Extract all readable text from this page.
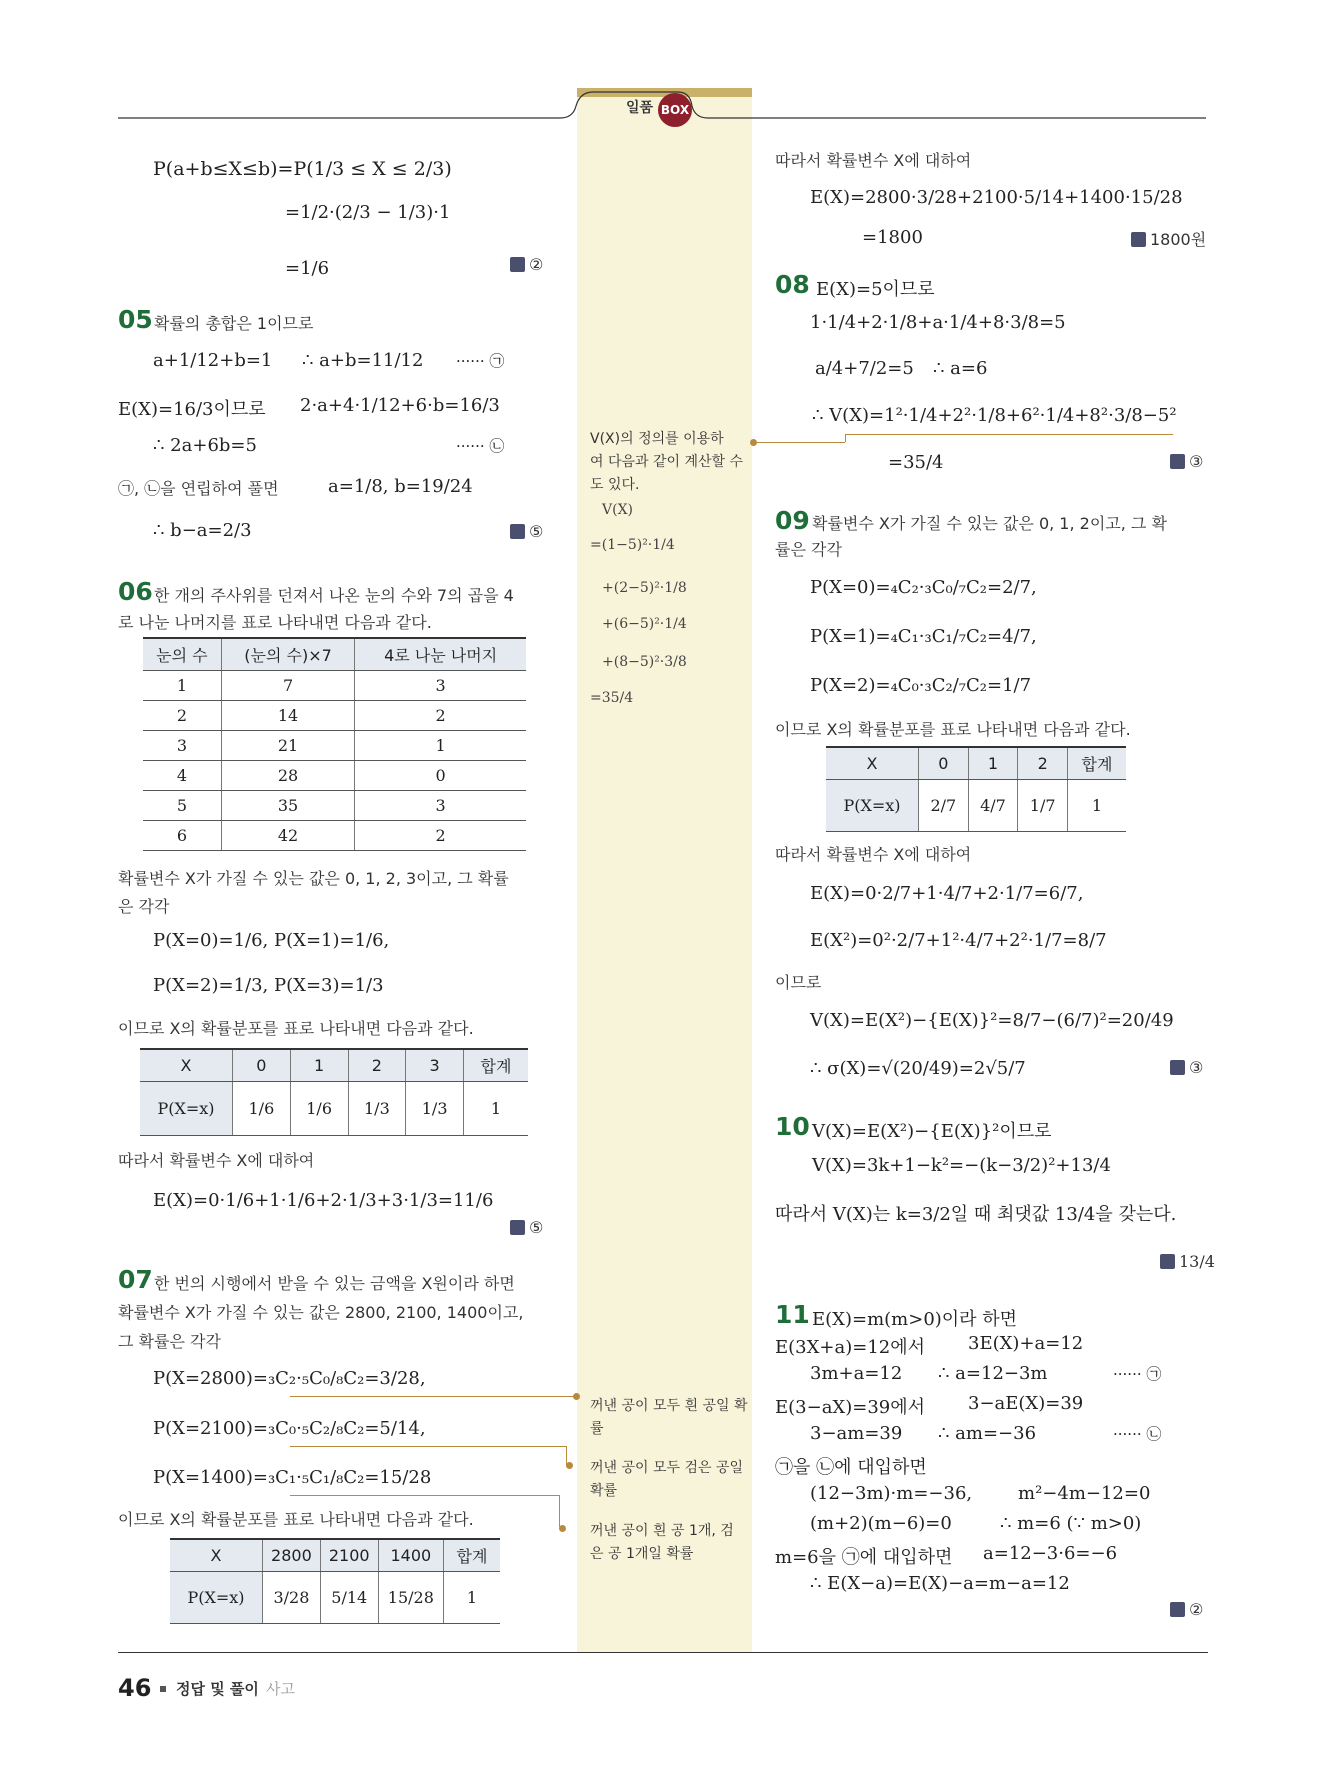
일품 BOX
P(a+b≤X≤b)=P(1/3 ≤ X ≤ 2/3)
=1/2·(2/3 − 1/3)·1
=1/6	②
05 확률의 총합은 1이므로
a+1/12+b=1 ∴ a+b=11/12 ······ ㉠
E(X)=16/3이므로 2·a+4·1/12+6·b=16/3
∴ 2a+6b=5	······ ㉡
㉠, ㉡을 연립하여 풀면	a=1/8, b=19/24
∴ b−a=2/3	⑤
06 한 개의 주사위를 던져서 나온 눈의 수와 7의 곱을 4
로 나눈 나머지를 표로 나타내면 다음과 같다.
눈의 수	(눈의 수)×7	4로 나눈 나머지
1	7	3
2	14	2
3	21	1
4	28	0
5	35	3
6	42	2
확률변수 X가 가질 수 있는 값은 0, 1, 2, 3이고, 그 확률
은 각각
P(X=0)=1/6, P(X=1)=1/6,
P(X=2)=1/3, P(X=3)=1/3
이므로 X의 확률분포를 표로 나타내면 다음과 같다.
X	0	1	2	3	합계
P(X=x)	1/6	1/6	1/3	1/3	1
따라서 확률변수 X에 대하여
E(X)=0·1/6+1·1/6+2·1/3+3·1/3=11/6
⑤
07 한 번의 시행에서 받을 수 있는 금액을 X원이라 하면
확률변수 X가 가질 수 있는 값은 2800, 2100, 1400이고,
그 확률은 각각
P(X=2800)=₃C₂·₅C₀/₈C₂=3/28,
P(X=2100)=₃C₀·₅C₂/₈C₂=5/14,
P(X=1400)=₃C₁·₅C₁/₈C₂=15/28
이므로 X의 확률분포를 표로 나타내면 다음과 같다.
X	2800	2100	1400	합계
P(X=x)	3/28	5/14	15/28	1
V(X)의 정의를 이용하
여 다음과 같이 계산할 수
도 있다.
V(X)
=(1−5)²·1/4
+(2−5)²·1/8
+(6−5)²·1/4
+(8−5)²·3/8
=35/4
꺼낸 공이 모두 흰 공일 확
률
꺼낸 공이 모두 검은 공일
확률
꺼낸 공이 흰 공 1개, 검
은 공 1개일 확률
따라서 확률변수 X에 대하여
E(X)=2800·3/28+2100·5/14+1400·15/28
=1800	1800원
08 E(X)=5이므로
1·1/4+2·1/8+a·1/4+8·3/8=5
a/4+7/2=5 ∴ a=6
∴ V(X)=1²·1/4+2²·1/8+6²·1/4+8²·3/8−5²
=35/4	③
09 확률변수 X가 가질 수 있는 값은 0, 1, 2이고, 그 확
률은 각각
P(X=0)=₄C₂·₃C₀/₇C₂=2/7,
P(X=1)=₄C₁·₃C₁/₇C₂=4/7,
P(X=2)=₄C₀·₃C₂/₇C₂=1/7
이므로 X의 확률분포를 표로 나타내면 다음과 같다.
X	0	1	2	합계
P(X=x)	2/7	4/7	1/7	1
따라서 확률변수 X에 대하여
E(X)=0·2/7+1·4/7+2·1/7=6/7,
E(X²)=0²·2/7+1²·4/7+2²·1/7=8/7
이므로
V(X)=E(X²)−{E(X)}²=8/7−(6/7)²=20/49
∴ σ(X)=√(20/49)=2√5/7	③
10 V(X)=E(X²)−{E(X)}²이므로
V(X)=3k+1−k²=−(k−3/2)²+13/4
따라서 V(X)는 k=3/2일 때 최댓값 13/4을 갖는다.
13/4
11 E(X)=m(m>0)이라 하면
E(3X+a)=12에서 3E(X)+a=12
3m+a=12 ∴ a=12−3m	······ ㉠
E(3−aX)=39에서 3−aE(X)=39
3−am=39 ∴ am=−36	······ ㉡
㉠을 ㉡에 대입하면
(12−3m)·m=−36,	m²−4m−12=0
(m+2)(m−6)=0	∴ m=6 (∵ m>0)
m=6을 ㉠에 대입하면 a=12−3·6=−6
∴ E(X−a)=E(X)−a=m−a=12
②
46 정답 및 풀이 사고
